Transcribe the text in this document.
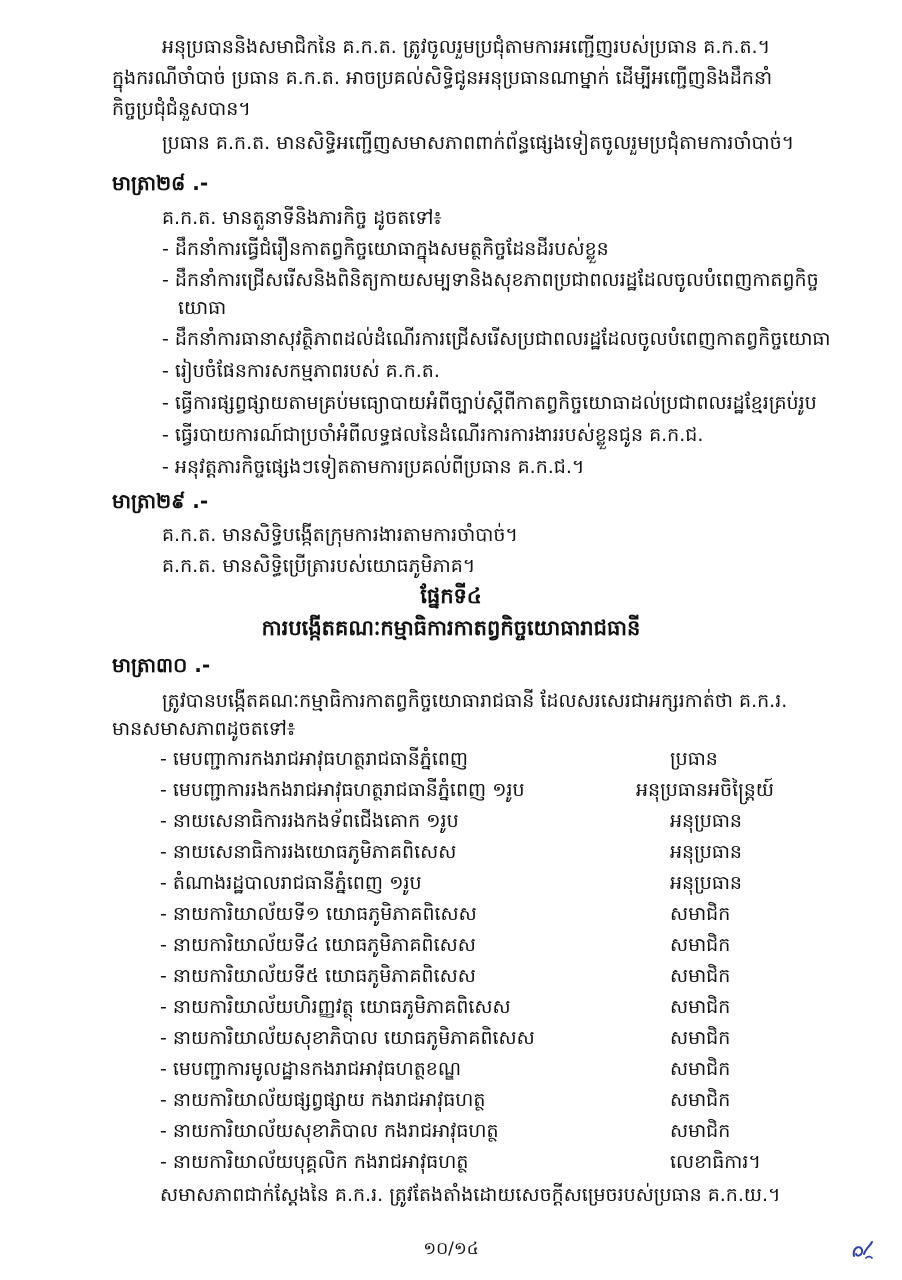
អនុប្រធាននិងសមាជិកនៃ គ.ក.ត. ត្រូវចូលរួមប្រជុំតាមការអញ្ជើញរបស់ប្រធាន គ.ក.ត.។
ក្នុងករណីចាំបាច់ ប្រធាន គ.ក.ត. អាចប្រគល់សិទ្ធិជូនអនុប្រធានណាម្នាក់ ដើម្បីអញ្ជើញនិងដឹកនាំ
កិច្ចប្រជុំជំនួសបាន។
ប្រធាន គ.ក.ត. មានសិទ្ធិអញ្ជើញសមាសភាពពាក់ព័ន្ធផ្សេងទៀតចូលរួមប្រជុំតាមការចាំបាច់។
មាត្រា២៨ .-
គ.ក.ត. មានតួនាទីនិងភារកិច្ច ដូចតទៅ៖
- ដឹកនាំការធ្វើជំរឿនកាតព្វកិច្ចយោធាក្នុងសមត្ថកិច្ចដែនដីរបស់ខ្លួន
- ដឹកនាំការជ្រើសរើសនិងពិនិត្យកាយសម្បទានិងសុខភាពប្រជាពលរដ្ឋដែលចូលបំពេញកាតព្វកិច្ច
យោធា
- ដឹកនាំការធានាសុវត្ថិភាពដល់ដំណើរការជ្រើសរើសប្រជាពលរដ្ឋដែលចូលបំពេញកាតព្វកិច្ចយោធា
- រៀបចំផែនការសកម្មភាពរបស់ គ.ក.ត.
- ធ្វើការផ្សព្វផ្សាយតាមគ្រប់មធ្យោបាយអំពីច្បាប់ស្ដីពីកាតព្វកិច្ចយោធាដល់ប្រជាពលរដ្ឋខ្មែរគ្រប់រូប
- ធ្វើរបាយការណ៍ជាប្រចាំអំពីលទ្ធផលនៃដំណើរការការងាររបស់ខ្លួនជូន គ.ក.ជ.
- អនុវត្តភារកិច្ចផ្សេងៗទៀតតាមការប្រគល់ពីប្រធាន គ.ក.ជ.។
មាត្រា២៩ .-
គ.ក.ត. មានសិទ្ធិបង្កើតក្រុមការងារតាមការចាំបាច់។
គ.ក.ត. មានសិទ្ធិប្រើត្រារបស់យោធភូមិភាគ។
ផ្នែកទី៤
ការបង្កើតគណៈកម្មាធិការកាតព្វកិច្ចយោធារាជធានី
មាត្រា៣០ .-
ត្រូវបានបង្កើតគណៈកម្មាធិការកាតព្វកិច្ចយោធារាជធានី ដែលសរសេរជាអក្សរកាត់ថា គ.ក.រ.
មានសមាសភាពដូចតទៅ៖
- មេបញ្ជាការកងរាជអាវុធហត្ថរាជធានីភ្នំពេញ	ប្រធាន
- មេបញ្ជាការរងកងរាជអាវុធហត្ថរាជធានីភ្នំពេញ ១រូប	អនុប្រធានអចិន្ត្រៃយ៍
- នាយសេនាធិការរងកងទ័ពជើងគោក ១រូប	អនុប្រធាន
- នាយសេនាធិការរងយោធភូមិភាគពិសេស	អនុប្រធាន
- តំណាងរដ្ឋបាលរាជធានីភ្នំពេញ ១រូប	អនុប្រធាន
- នាយការិយាល័យទី១ យោធភូមិភាគពិសេស	សមាជិក
- នាយការិយាល័យទី៤ យោធភូមិភាគពិសេស	សមាជិក
- នាយការិយាល័យទី៥ យោធភូមិភាគពិសេស	សមាជិក
- នាយការិយាល័យហិរញ្ញវត្ថុ យោធភូមិភាគពិសេស	សមាជិក
- នាយការិយាល័យសុខាភិបាល យោធភូមិភាគពិសេស	សមាជិក
- មេបញ្ជាការមូលដ្ឋានកងរាជអាវុធហត្ថខណ្ឌ	សមាជិក
- នាយការិយាល័យផ្សព្វផ្សាយ កងរាជអាវុធហត្ថ	សមាជិក
- នាយការិយាល័យសុខាភិបាល កងរាជអាវុធហត្ថ	សមាជិក
- នាយការិយាល័យបុគ្គលិក កងរាជអាវុធហត្ថ	លេខាធិការ។
សមាសភាពជាក់ស្តែងនៃ គ.ក.រ. ត្រូវតែងតាំងដោយសេចក្តីសម្រេចរបស់ប្រធាន គ.ក.យ.។
១០/១៤
